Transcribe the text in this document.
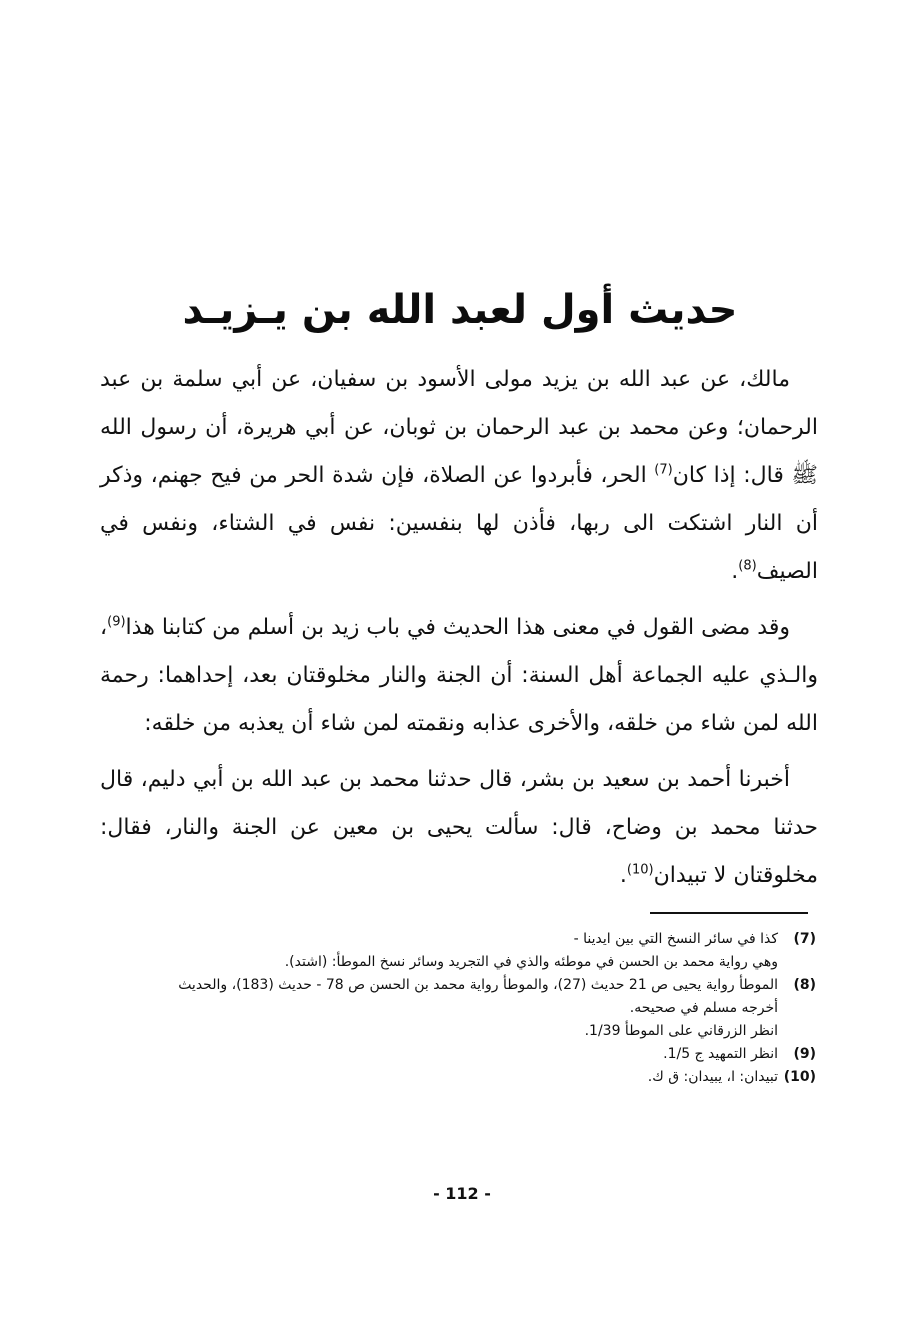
حديث أول لعبد الله بن يـزيـد

مالك، عن عبد الله بن يزيد مولى الأسود بن سفيان، عن أبي سلمة بن عبد الرحمان؛ وعن محمد بن عبد الرحمان بن ثوبان، عن أبي هريرة، أن رسول الله ﷺ قال: إذا كان$^{(7)}$ الحر، فأبردوا عن الصلاة، فإن شدة الحر من فيح جهنم، وذكر أن النار اشتكت الى ربها، فأذن لها بنفسين: نفس في الشتاء، ونفس في الصيف$^{(8)}$.

وقد مضى القول في معنى هذا الحديث في باب زيد بن أسلم من كتابنا هذا$^{(9)}$، والـذي عليه الجماعة أهل السنة: أن الجنة والنار مخلوقتان بعد، إحداهما: رحمة الله لمن شاء من خلقه، والأخرى عذابه ونقمته لمن شاء أن يعذبه من خلقه:

أخبرنا أحمد بن سعيد بن بشر، قال حدثنا محمد بن عبد الله بن أبي دليم، قال حدثنا محمد بن وضاح، قال: سألت يحيى بن معين عن الجنة والنار، فقال: مخلوقتان لا تبيدان$^{(10)}$.

(7)
كذا في سائر النسخ التي بين ايدينا -
وهي رواية محمد بن الحسن في موطئه والذي في التجريد وسائر نسخ الموطأ: (اشتد).
(8)
الموطأ رواية يحيى ص 21 حديث (27)، والموطأ رواية محمد بن الحسن ص 78 - حديث (183)، والحديث
أخرجه مسلم في صحيحه.
انظر الزرقاني على الموطأ 1/39.
(9)
انظر التمهيد ج 1/5.
(10)
تبيدان: ا، يبيدان: ق ك.
- 112 -
